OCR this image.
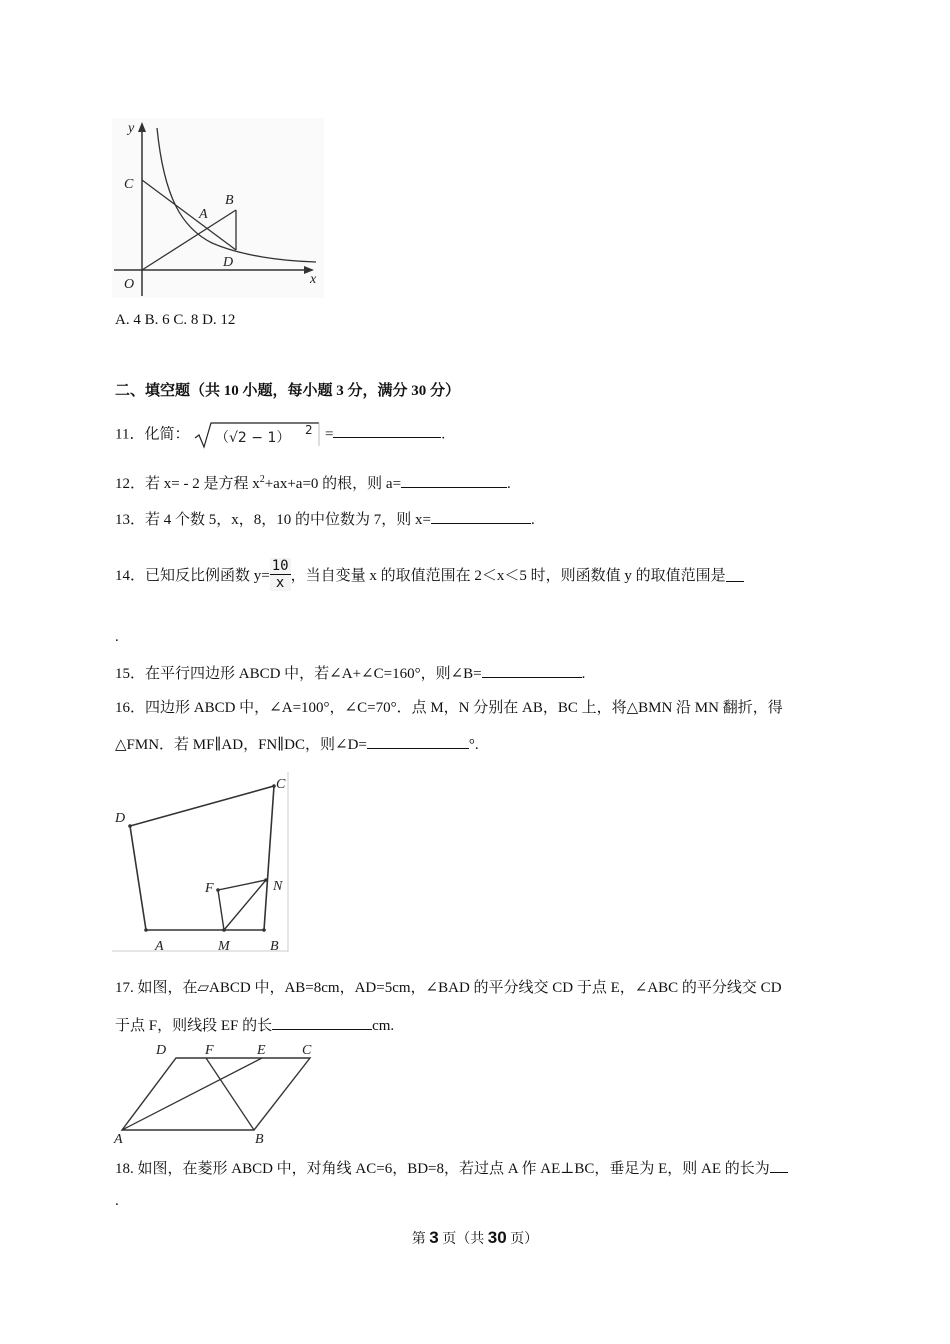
y
C
A
B
D
O	x
A. 4 B. 6 C. 8 D. 12
二、填空题（共 10 小题，每小题 3 分，满分 30 分）
11．化简： （√2 − 1） 2 =	.
12．若 x= ‑ 2 是方程 $x^2+ax+a=0$ 的根，则 a=	.
13．若 4 个数 5，x，8，10 的中位数为 7，则 x=	.
14．已知反比例函数 $y= \frac{10}{x}$ ，当自变量 x 的取值范围在 2＜x＜5 时，则函数值 y 的取值范围是
.
15．在平行四边形 ABCD 中，若∠A+∠C=160°，则∠B=	.
16．四边形 ABCD 中，∠A=100°，∠C=70°．点 M，N 分别在 AB，BC 上，将△BMN 沿 MN 翻折，得
△FMN．若 MF∥AD，FN∥DC，则∠D=	°.
D
C
F	N
A	M	B
17. 如图，在▱ABCD 中，AB=8cm，AD=5cm，∠BAD 的平分线交 CD 于点 E，∠ABC 的平分线交 CD
于点 F，则线段 EF 的长	cm.
D	F	E	C
A	B
18. 如图，在菱形 ABCD 中，对角线 AC=6，BD=8，若过点 A 作 AE⊥BC，垂足为 E，则 AE 的长为
.
第 3 页（共 30 页）
